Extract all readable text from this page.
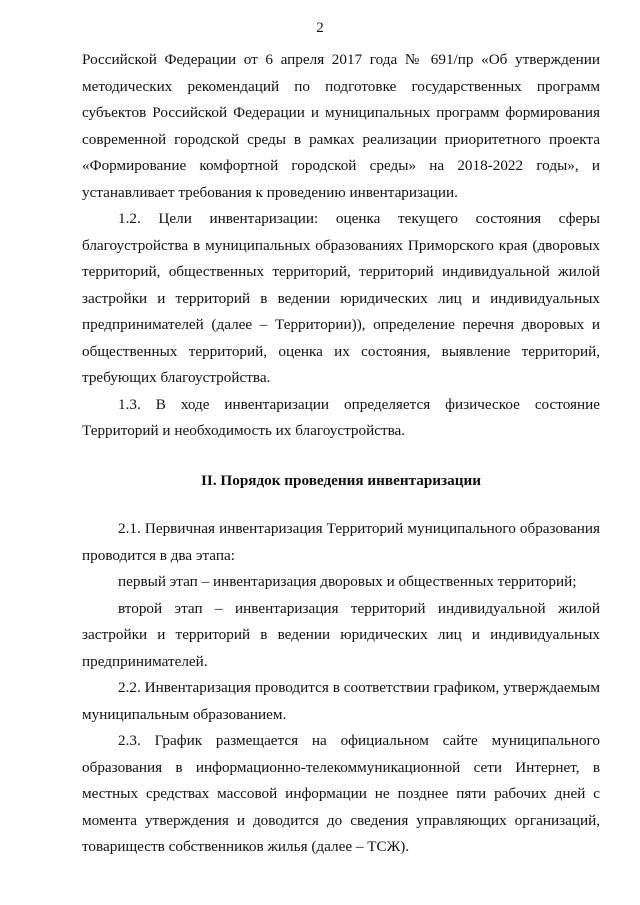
2

Российской Федерации от 6 апреля 2017 года № 691/пр «Об утверждении методических рекомендаций по подготовке государственных программ субъектов Российской Федерации и муниципальных программ формирования современной городской среды в рамках реализации приоритетного проекта «Формирование комфортной городской среды» на 2018-2022 годы», и устанавливает требования к проведению инвентаризации.

1.2. Цели инвентаризации: оценка текущего состояния сферы благоустройства в муниципальных образованиях Приморского края (дворовых территорий, общественных территорий, территорий индивидуальной жилой застройки и территорий в ведении юридических лиц и индивидуальных предпринимателей (далее – Территории)), определение перечня дворовых и общественных территорий, оценка их состояния, выявление территорий, требующих благоустройства.

1.3. В ходе инвентаризации определяется физическое состояние Территорий и необходимость их благоустройства.

II. Порядок проведения инвентаризации

2.1. Первичная инвентаризация Территорий муниципального образования проводится в два этапа:

первый этап – инвентаризация дворовых и общественных территорий;

второй этап – инвентаризация территорий индивидуальной жилой застройки и территорий в ведении юридических лиц и индивидуальных предпринимателей.

2.2. Инвентаризация проводится в соответствии графиком, утверждаемым муниципальным образованием.

2.3. График размещается на официальном сайте муниципального образования в информационно-телекоммуникационной сети Интернет, в местных средствах массовой информации не позднее пяти рабочих дней с момента утверждения и доводится до сведения управляющих организаций, товариществ собственников жилья (далее – ТСЖ).
